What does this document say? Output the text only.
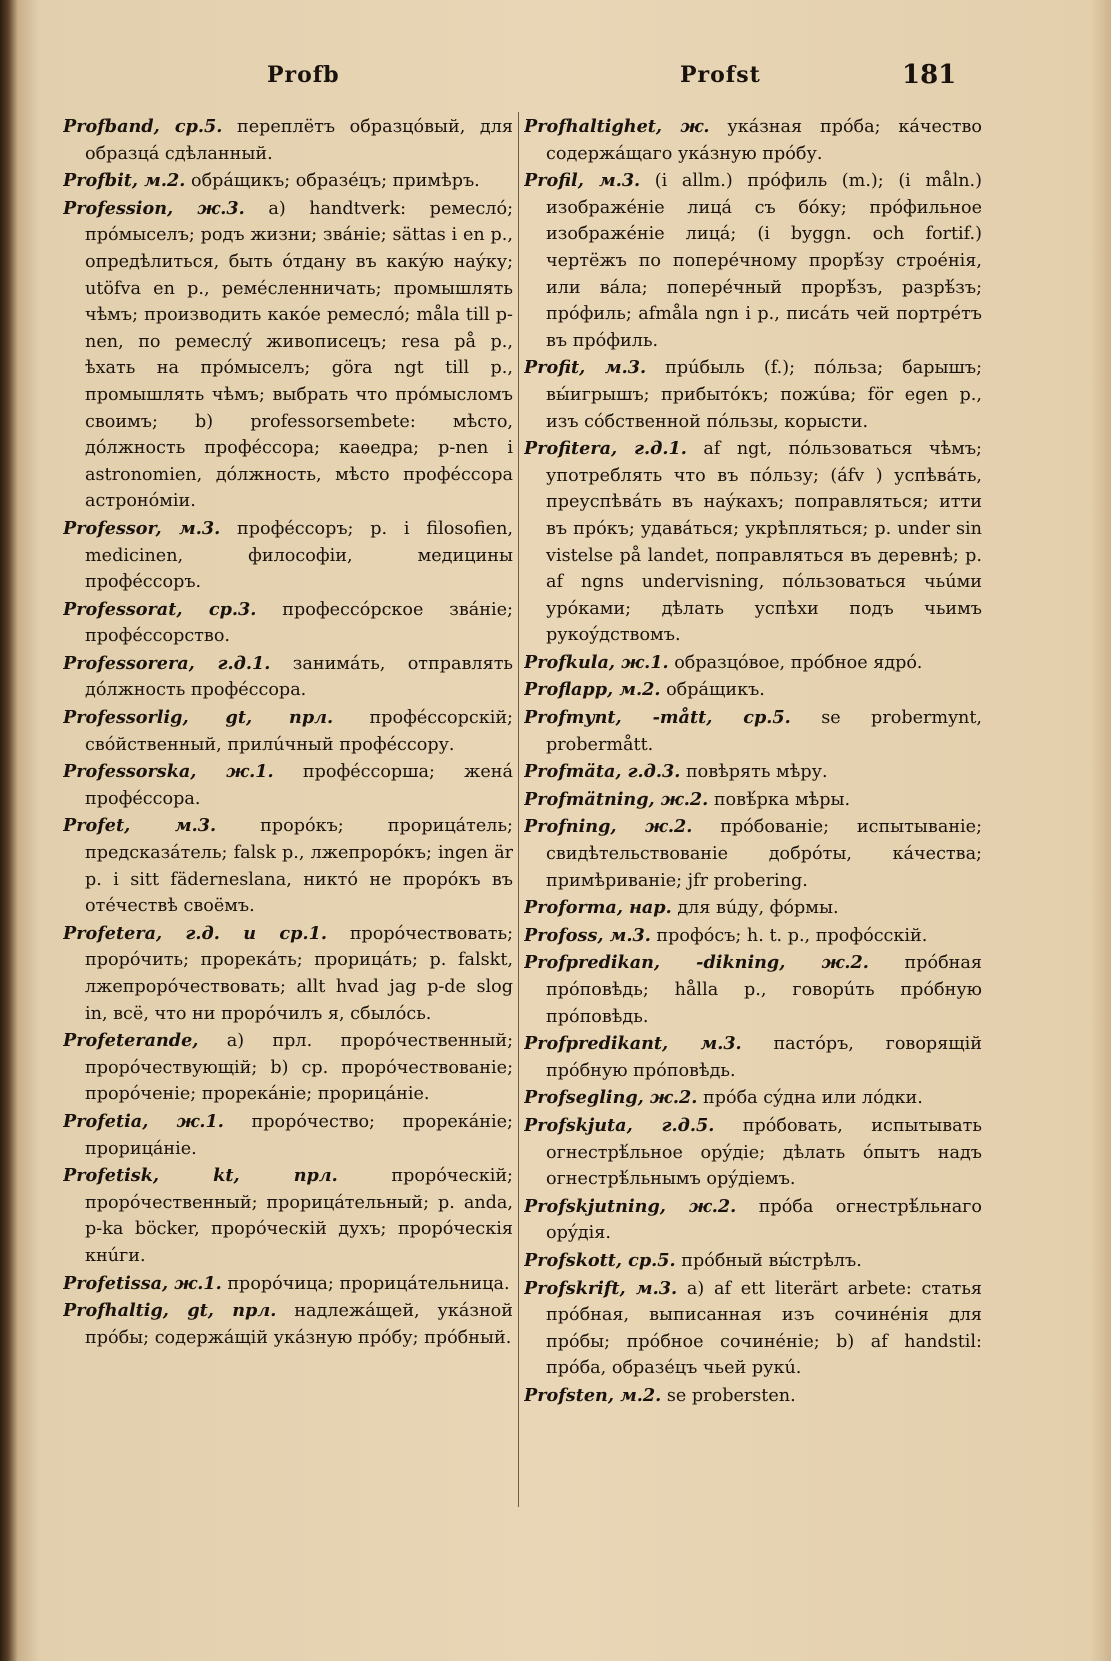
Profb	Profst	181

Profband, ср.5. переплётъ образцóвый, для образцá сдѣланный.

Profbit, м.2. обрáщикъ; образéцъ; примѣръ.

Profession, ж.3. a) handtverk: ремеслó; прóмыселъ; родъ жизни; звáніе; sättas i en p., опредѣлиться, быть óтдану въ какýю наýку; utöfva en p., ремéсленничать; промышлять чѣмъ; производить какóе ремеслó; måla till p-nen, по ремеслý живописецъ; resa på p., ѣхать на прóмыселъ; göra ngt till p., промышлять чѣмъ; выбрать что прóмысломъ своимъ; b) professorsembete: мѣсто, дóлжность профéссора; каѳедра; p-nen i astronomien, дóлжность, мѣсто профéссора астронóміи.

Professor, м.3. профéссоръ; p. i filosofien, medicinen, философіи, медицины профéссоръ.

Professorat, ср.3. профессóрское звáніе; профéссорство.

Professorera, г.д.1. занимáть, отправлять дóлжность профéссора.

Professorlig, gt, прл. профéссорскій; свóйственный, прилúчный профéссору.

Professorska, ж.1. профéссорша; женá профéссора.

Profet, м.3.	прорóкъ; прорицáтель; предсказáтель; falsk p., лжепрорóкъ; ingen är p. i sitt fäderneslana, никтó не прорóкъ въ отéчествѣ своёмъ.

Profetera, г.д. и ср.1. прорóчествовать; прорóчить; прорекáть; прорицáть; p. falskt, лжепрорóчествовать; allt hvad jag p-de slog in, всё, что ни прорóчилъ я, сбылóсь.

Profeterande, a) прл. прорóчественный; прорóчествующій; b) ср. прорóчествованіе; прорóченіе; прорекáніе; прорицáніе.

Profetia, ж.1. прорóчество; прорекáніе; прорицáніе.

Profetisk, kt, прл.	прорóческій; прорóчественный; прорицáтельный; p. anda, p-ka böcker, прорóческій духъ; прорóческія кнúги.

Profetissa, ж.1. прорóчица; прорицáтельница.

Profhaltig, gt, прл. надлежáщей, укáзной прóбы; содержáщій укáзную прóбу; прóбный.

Profhaltighet, ж. укáзная прóба; кáчество содержáщаго укáзную прóбу.

Profil, м.3. (i allm.) прóфиль (m.); (i måln.) изображéніе лицá съ бóку; прóфильное изображéніе лицá; (i byggn. och fortif.) чертёжъ по поперéчному прорѣ́зу строéнія, или вáла; поперéчный прорѣ́зъ, разрѣ́зъ; прóфиль; afmåla ngn i p., писáть чей портрéтъ въ прóфиль.

Profit, м.3. прúбыль (f.); пóльза; барышъ; вы́игрышъ; прибытóкъ; пожúва; för egen p., изъ сóбственной пóльзы, корысти.

Profitera, г.д.1. af ngt, пóльзоваться чѣмъ; употреблять что въ пóльзу; (áfv ) успѣвáть, преуспѣвáть въ наýкахъ; поправляться; итти въ прóкъ; удавáться; укрѣпляться; p. under sin vistelse på landet, поправляться въ деревнѣ; p. af ngns undervisning, пóльзоваться чьúми урóками; дѣлать успѣхи подъ чьимъ рукоýдствомъ.

Profkula, ж.1. образцóвое, прóбное ядрó.

Proflapp, м.2. обрáщикъ.

Profmynt, -mått, ср.5. se probermynt, probermått.

Profmäta, г.д.3. повѣрять мѣру.

Profmätning, ж.2. повѣ́рка мѣры.

Profning, ж.2. прóбованіе; испытываніе; свидѣтельствованіе добрóты, кáчества; примѣриваніе; jfr probering.

Proforma, нар. для вúду, фóрмы.

Profoss, м.3. профóсъ; h. t. p., профóсскій.

Profpredikan, -dikning, ж.2. прóбная прóповѣдь; hålla p., говорúть прóбную прóповѣдь.

Profpredikant, м.3. пастóръ, говорящій прóбную прóповѣдь.

Profsegling, ж.2. прóба сýдна или лóдки.

Profskjuta, г.д.5. прóбовать, испытывать огнестрѣ́льное орýдіе; дѣлать óпытъ надъ огнестрѣ́льнымъ орýдіемъ.

Profskjutning, ж.2. прóба огнестрѣ́льнаго орýдія.

Profskott, ср.5. прóбный вы́стрѣлъ.

Profskrift, м.3. a) af ett literärt arbete: статья прóбная, выписанная изъ сочинéнія для прóбы; прóбное сочинéніе; b) af handstil: прóба, образéцъ чьей рукú.

Profsten, м.2. se probersten.
